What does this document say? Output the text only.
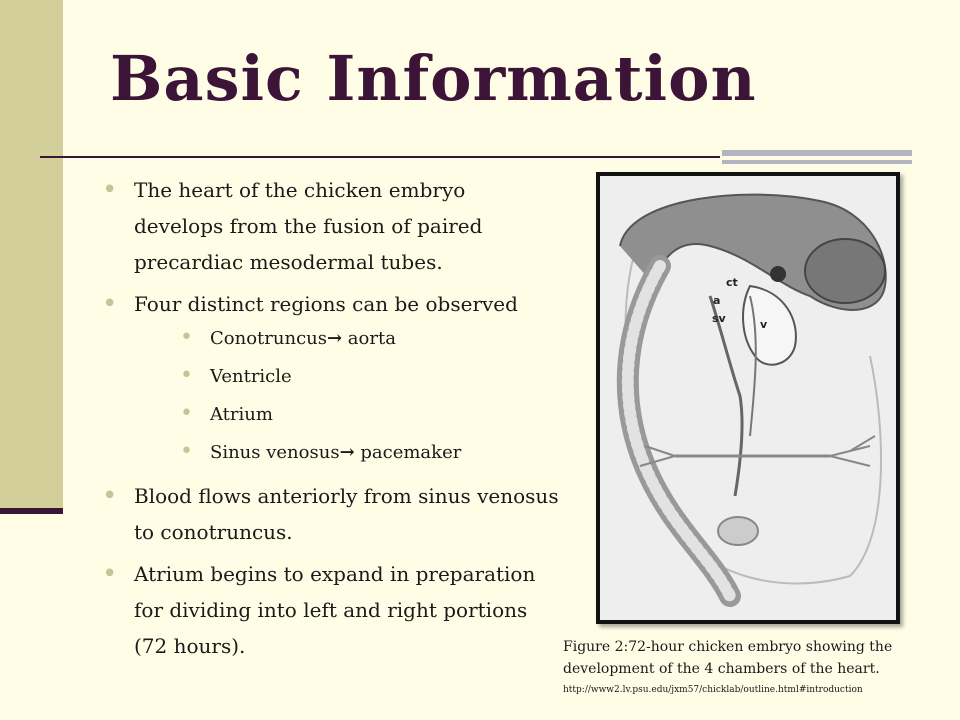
Basic Information
• The heart of the chicken embryo develops from the fusion of paired precardiac mesodermal tubes.
• Four distinct regions can be observed
• Conotruncus→ aorta
• Ventricle
• Atrium
• Sinus venosus→ pacemaker
• Blood flows anteriorly from sinus venosus to conotruncus.
• Atrium begins to expand in preparation for dividing into left and right portions (72 hours).
ct
a
sv	v
Figure 2:72-hour chicken embryo showing the development of the 4 chambers of the heart.
http://www2.lv.psu.edu/jxm57/chicklab/outline.html#introduction
